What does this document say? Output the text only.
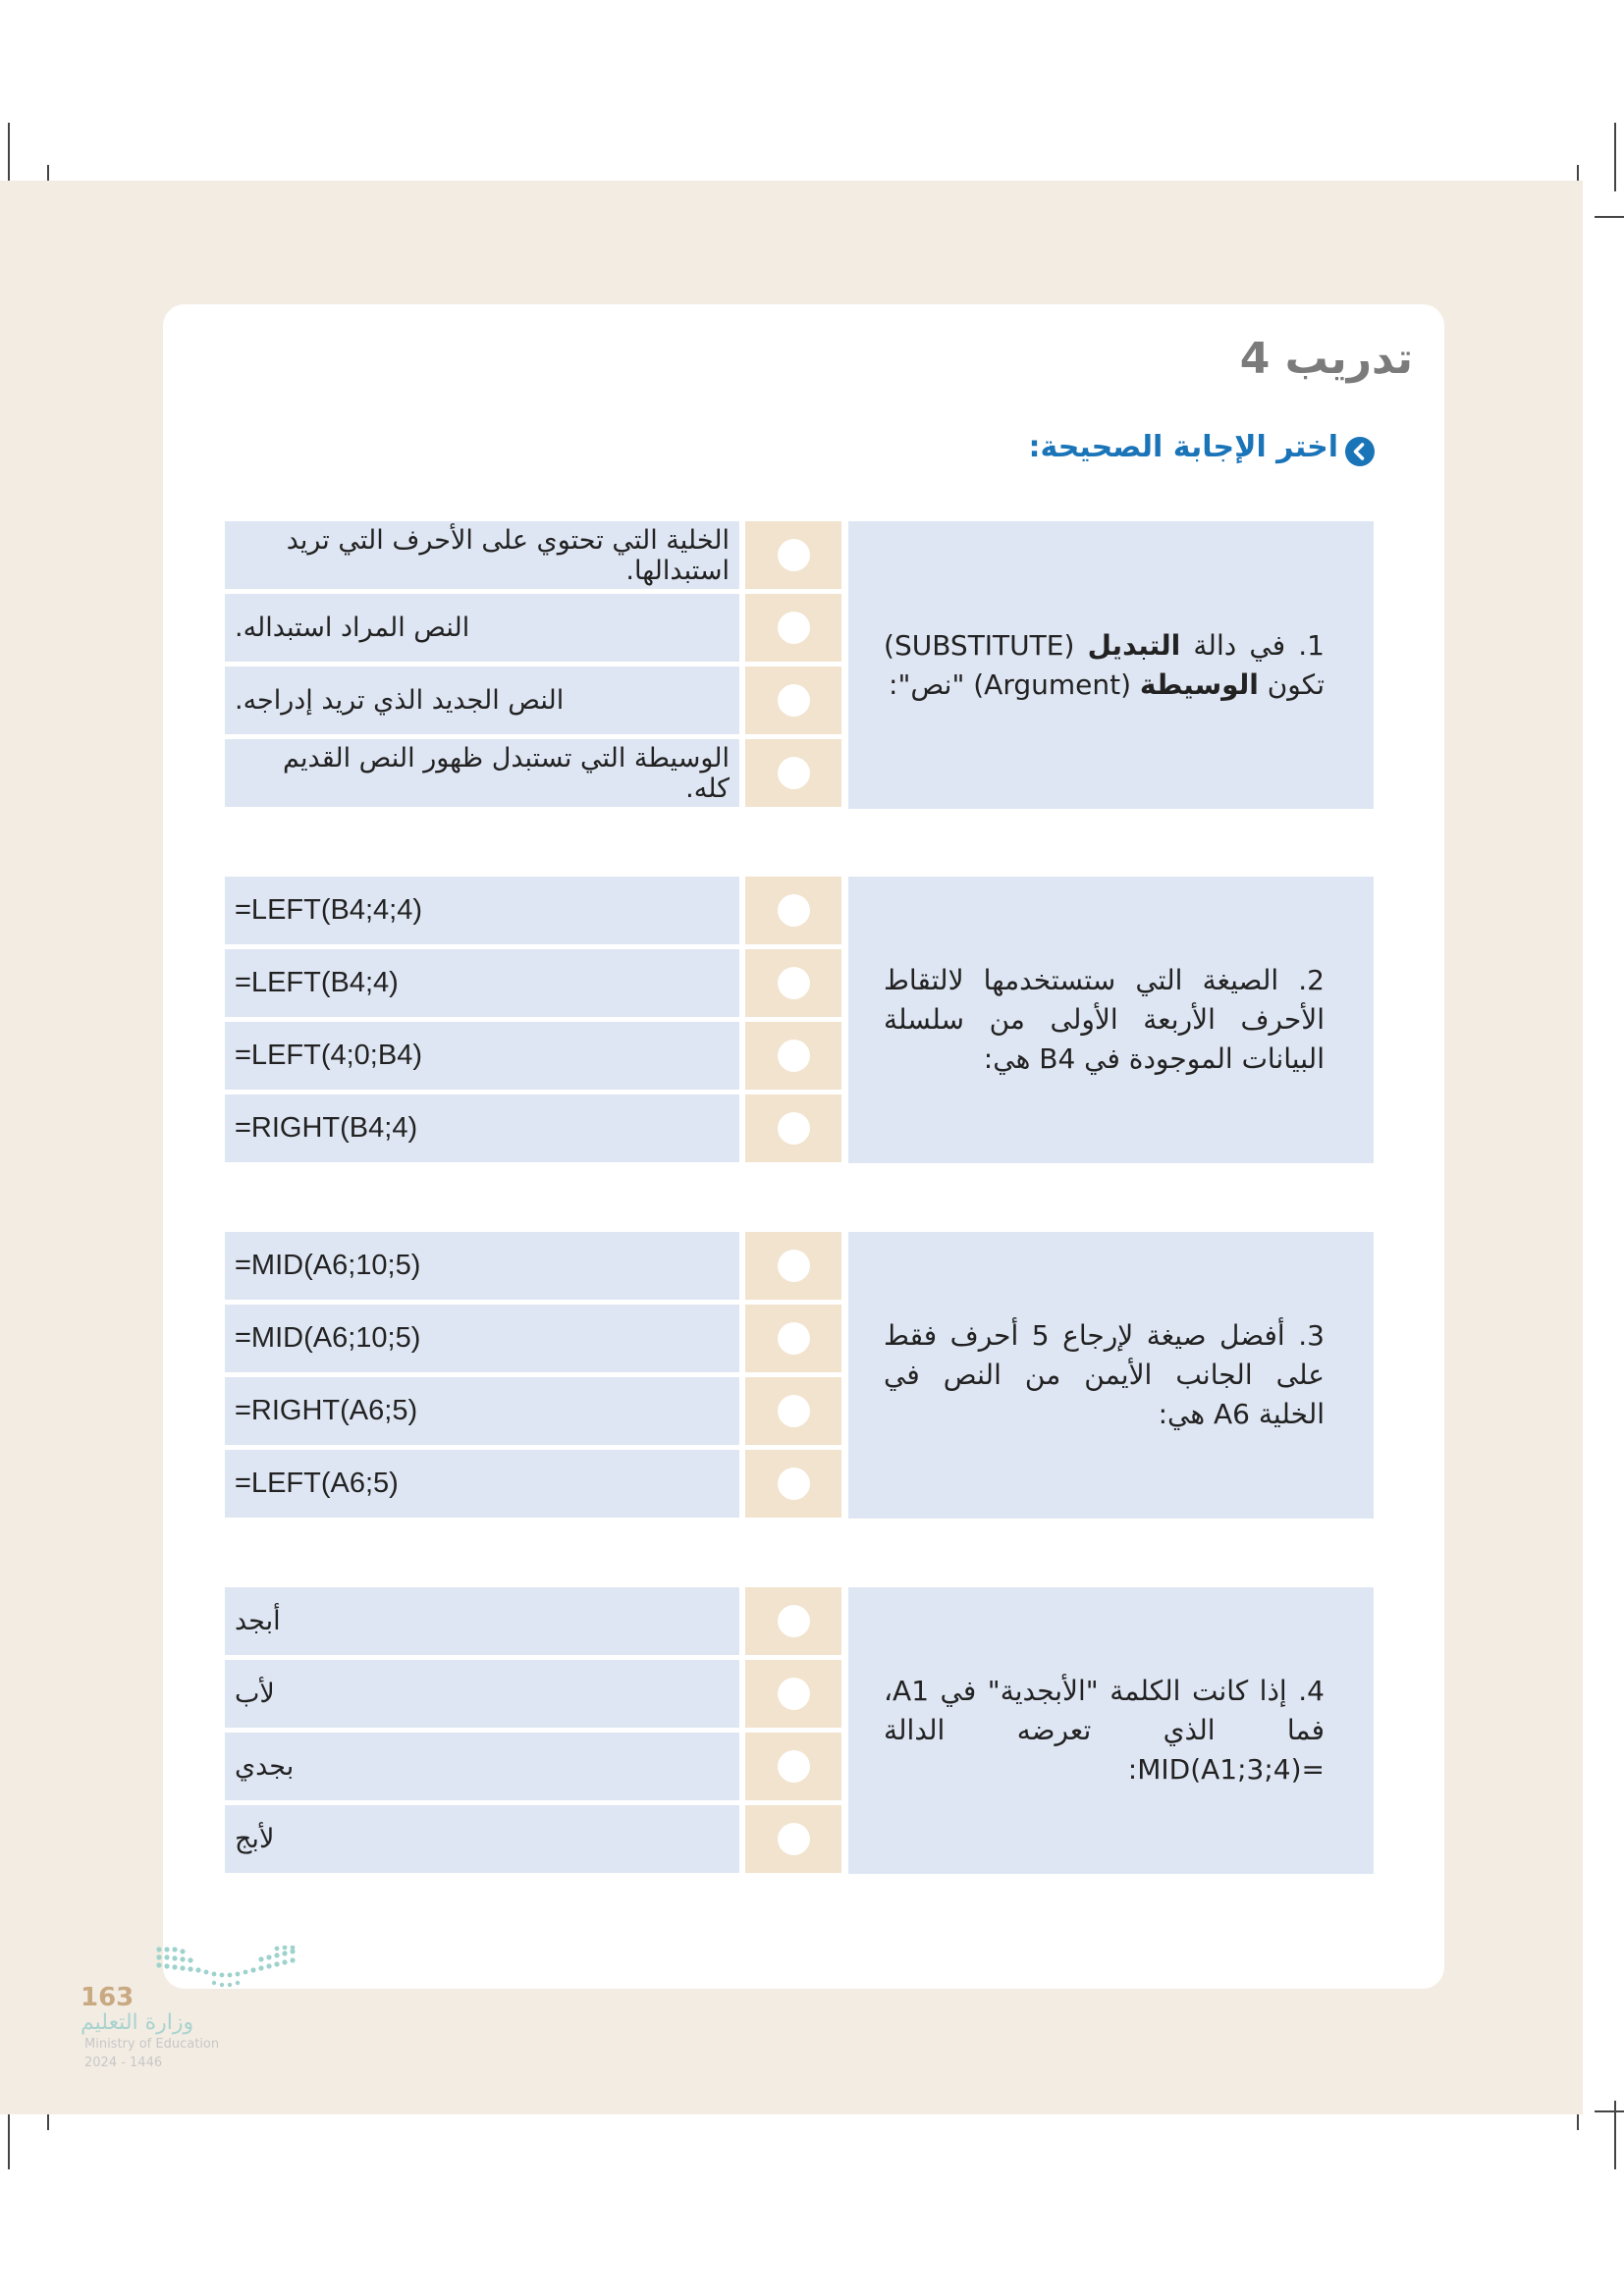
تدريب 4
اختر الإجابة الصحيحة:
1. في دالة التبديل (SUBSTITUTE) تكون الوسيطة (Argument) "نص":
الخلية التي تحتوي على الأحرف التي تريد استبدالها.
النص المراد استبداله.
النص الجديد الذي تريد إدراجه.
الوسيطة التي تستبدل ظهور النص القديم كله.
2. الصيغة التي ستستخدمها لالتقاط الأحرف الأربعة الأولى من سلسلة البيانات الموجودة في B4 هي:
=LEFT(B4;4;4)
=LEFT(B4;4)
=LEFT(4;0;B4)
=RIGHT(B4;4)
3. أفضل صيغة لإرجاع 5 أحرف فقط على الجانب الأيمن من النص في الخلية A6 هي:
=MID(A6;10;5)
=MID(A6;10;5)
=RIGHT(A6;5)
=LEFT(A6;5)
4. إذا كانت الكلمة "الأبجدية" في A1، فما الذي تعرضه الدالة =MID(A1;3;4):
أبجد
لأب
بجدي
لأبج
163
وزارة التعليم
Ministry of Education
2024 - 1446
